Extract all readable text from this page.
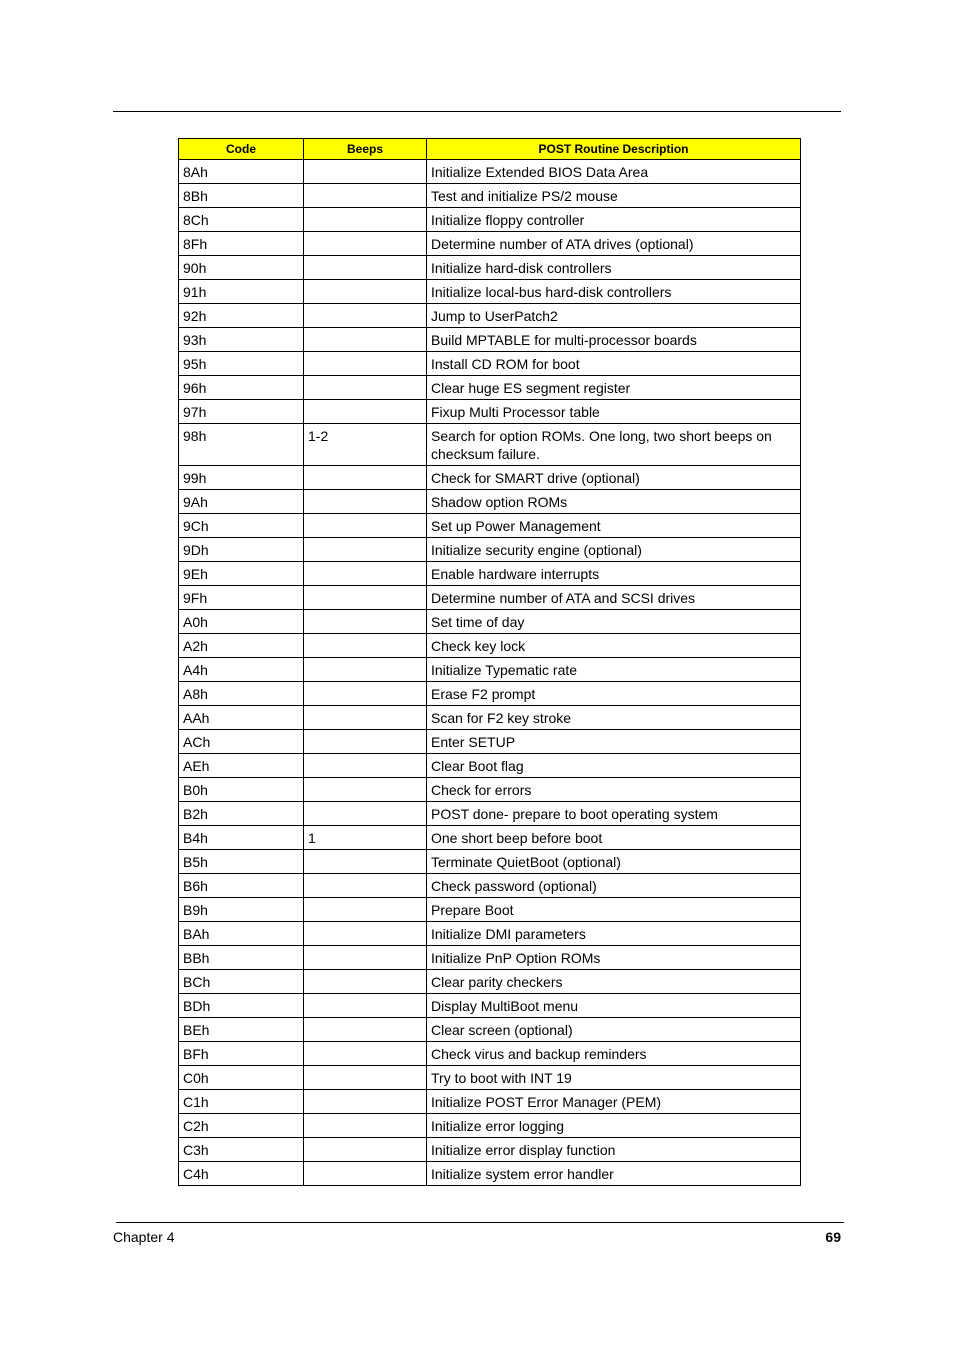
Code	Beeps	POST Routine Description
8Ah		Initialize Extended BIOS Data Area
8Bh		Test and initialize PS/2 mouse
8Ch		Initialize floppy controller
8Fh		Determine number of ATA drives (optional)
90h		Initialize hard-disk controllers
91h		Initialize local-bus hard-disk controllers
92h		Jump to UserPatch2
93h		Build MPTABLE for multi-processor boards
95h		Install CD ROM for boot
96h		Clear huge ES segment register
97h		Fixup Multi Processor table
98h	1-2	Search for option ROMs. One long, two short beeps on checksum failure.
99h		Check for SMART drive (optional)
9Ah		Shadow option ROMs
9Ch		Set up Power Management
9Dh		Initialize security engine (optional)
9Eh		Enable hardware interrupts
9Fh		Determine number of ATA and SCSI drives
A0h		Set time of day
A2h		Check key lock
A4h		Initialize Typematic rate
A8h		Erase F2 prompt
AAh		Scan for F2 key stroke
ACh		Enter SETUP
AEh		Clear Boot flag
B0h		Check for errors
B2h		POST done- prepare to boot operating system
B4h	1	One short beep before boot
B5h		Terminate QuietBoot (optional)
B6h		Check password (optional)
B9h		Prepare Boot
BAh		Initialize DMI parameters
BBh		Initialize PnP Option ROMs
BCh		Clear parity checkers
BDh		Display MultiBoot menu
BEh		Clear screen (optional)
BFh		Check virus and backup reminders
C0h		Try to boot with INT 19
C1h		Initialize POST Error Manager (PEM)
C2h		Initialize error logging
C3h		Initialize error display function
C4h		Initialize system error handler
Chapter 4	69
